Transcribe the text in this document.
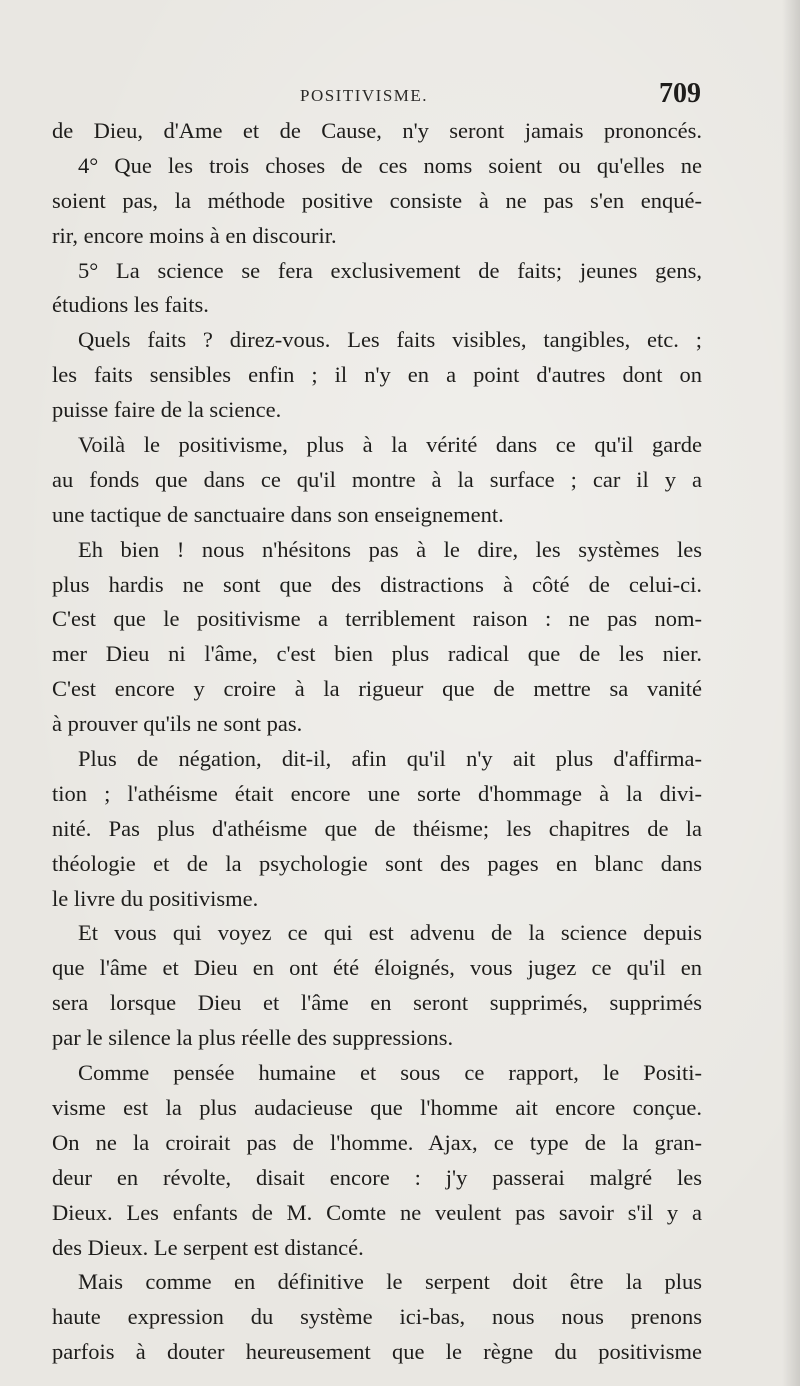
POSITIVISME.	709
de Dieu, d'Ame et de Cause, n'y seront jamais prononcés.
4° Que les trois choses de ces noms soient ou qu'elles ne
soient pas, la méthode positive consiste à ne pas s'en enqué-
rir, encore moins à en discourir.
5° La science se fera exclusivement de faits; jeunes gens,
étudions les faits.
Quels faits ? direz-vous. Les faits visibles, tangibles, etc. ;
les faits sensibles enfin ; il n'y en a point d'autres dont on
puisse faire de la science.
Voilà le positivisme, plus à la vérité dans ce qu'il garde
au fonds que dans ce qu'il montre à la surface ; car il y a
une tactique de sanctuaire dans son enseignement.
Eh bien ! nous n'hésitons pas à le dire, les systèmes les
plus hardis ne sont que des distractions à côté de celui-ci.
C'est que le positivisme a terriblement raison : ne pas nom-
mer Dieu ni l'âme, c'est bien plus radical que de les nier.
C'est encore y croire à la rigueur que de mettre sa vanité
à prouver qu'ils ne sont pas.
Plus de négation, dit-il, afin qu'il n'y ait plus d'affirma-
tion ; l'athéisme était encore une sorte d'hommage à la divi-
nité. Pas plus d'athéisme que de théisme; les chapitres de la
théologie et de la psychologie sont des pages en blanc dans
le livre du positivisme.
Et vous qui voyez ce qui est advenu de la science depuis
que l'âme et Dieu en ont été éloignés, vous jugez ce qu'il en
sera lorsque Dieu et l'âme en seront supprimés, supprimés
par le silence la plus réelle des suppressions.
Comme pensée humaine et sous ce rapport, le Positi-
visme est la plus audacieuse que l'homme ait encore conçue.
On ne la croirait pas de l'homme. Ajax, ce type de la gran-
deur en révolte, disait encore : j'y passerai malgré les
Dieux. Les enfants de M. Comte ne veulent pas savoir s'il y a
des Dieux. Le serpent est distancé.
Mais comme en définitive le serpent doit être la plus
haute expression du système ici-bas, nous nous prenons
parfois à douter heureusement que le règne du positivisme
